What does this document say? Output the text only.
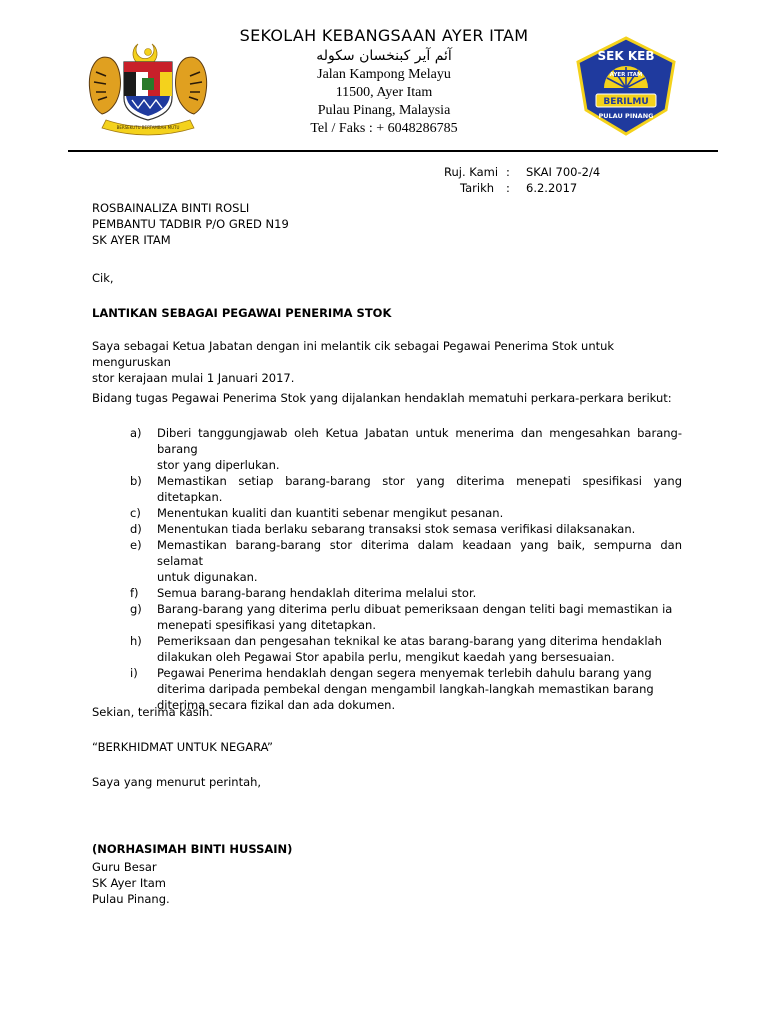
BERSEKUTU BERTAMBAH MUTU
SEKOLAH KEBANGSAAN AYER ITAM
آئم آير كبنخسان سكوله
Jalan Kampong Melayu
11500, Ayer Itam
Pulau Pinang, Malaysia
Tel / Faks : + 6048286785
SEK KEB
AYER ITAM
BERILMU
PULAU PINANG
Ruj. Kami :	SKAI 700-2/4
Tarikh	:	6.2.2017
ROSBAINALIZA BINTI ROSLI
PEMBANTU TADBIR P/O GRED N19
SK AYER ITAM
Cik,
LANTIKAN SEBAGAI PEGAWAI PENERIMA STOK
Saya sebagai Ketua Jabatan dengan ini melantik cik sebagai Pegawai Penerima Stok untuk menguruskan
stor kerajaan mulai 1 Januari 2017.
Bidang tugas Pegawai Penerima Stok yang dijalankan hendaklah mematuhi perkara-perkara berikut:
a)	Diberi tanggungjawab oleh Ketua Jabatan untuk menerima dan mengesahkan barang-barang
stor yang diperlukan.
b)	Memastikan setiap barang-barang stor yang diterima menepati spesifikasi yang ditetapkan.
c)	Menentukan kualiti dan kuantiti sebenar mengikut pesanan.
d)	Menentukan tiada berlaku sebarang transaksi stok semasa verifikasi dilaksanakan.
e)	Memastikan barang-barang stor diterima dalam keadaan yang baik, sempurna dan selamat
untuk digunakan.
f)	Semua barang-barang hendaklah diterima melalui stor.
g)	Barang-barang yang diterima perlu dibuat pemeriksaan dengan teliti bagi memastikan ia
menepati spesifikasi yang ditetapkan.
h)	Pemeriksaan dan pengesahan teknikal ke atas barang-barang yang diterima hendaklah
dilakukan oleh Pegawai Stor apabila perlu, mengikut kaedah yang bersesuaian.
i)	Pegawai Penerima hendaklah dengan segera menyemak terlebih dahulu barang yang
diterima daripada pembekal dengan mengambil langkah-langkah memastikan barang
diterima secara fizikal dan ada dokumen.
Sekian, terima kasih.
“BERKHIDMAT UNTUK NEGARA”
Saya yang menurut perintah,
(NORHASIMAH BINTI HUSSAIN)
Guru Besar
SK Ayer Itam
Pulau Pinang.
